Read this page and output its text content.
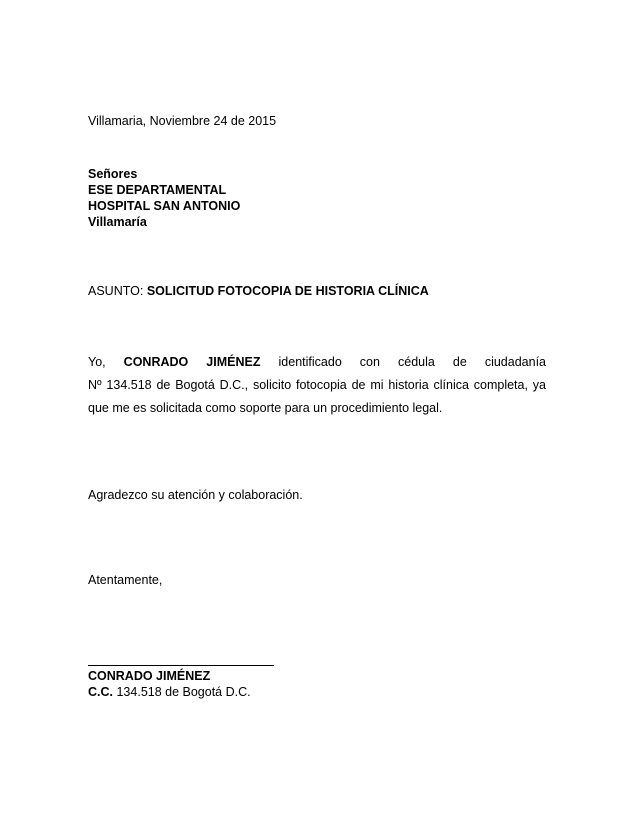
Villamaria, Noviembre 24 de 2015
Señores
ESE DEPARTAMENTAL
HOSPITAL SAN ANTONIO
Villamaría
ASUNTO: SOLICITUD FOTOCOPIA DE HISTORIA CLÍNICA
Yo, CONRADO JIMÉNEZ identificado con cédula de ciudadanía
Nº 134.518 de Bogotá D.C., solicito fotocopia de mi historia clínica completa, ya
que me es solicitada como soporte para un procedimiento legal.
Agradezco su atención y colaboración.
Atentamente,
CONRADO JIMÉNEZ
C.C. 134.518 de Bogotá D.C.
